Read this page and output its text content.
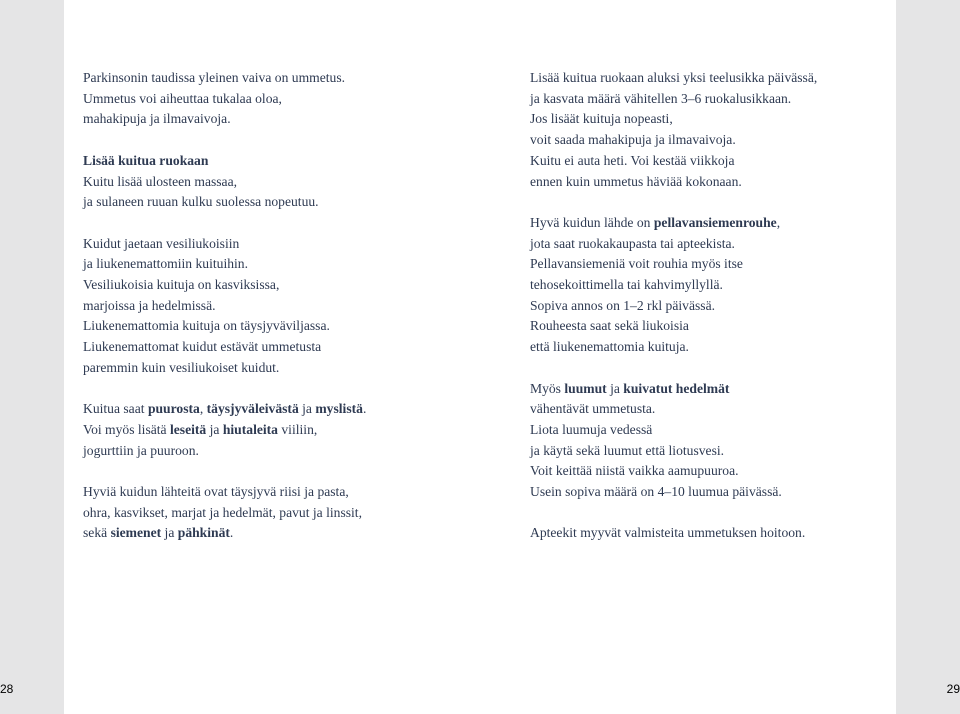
Parkinsonin taudissa yleinen vaiva on ummetus.
Ummetus voi aiheuttaa tukalaa oloa,
mahakipuja ja ilmavaivoja.
Lisää kuitua ruokaan
Kuitu lisää ulosteen massaa,
ja sulaneen ruuan kulku suolessa nopeutuu.
Kuidut jaetaan vesiliukoisiin
ja liukenemattomiin kuituihin.
Vesiliukoisia kuituja on kasviksissa,
marjoissa ja hedelmissä.
Liukenemattomia kuituja on täysjyväviljassa.
Liukenemattomat kuidut estävät ummetusta
paremmin kuin vesiliukoiset kuidut.
Kuitua saat puurosta, täysjyväleivästä ja myslistä.
Voi myös lisätä leseitä ja hiutaleita viiliin,
jogurttiin ja puuroon.
Hyviä kuidun lähteitä ovat täysjyvä riisi ja pasta,
ohra, kasvikset, marjat ja hedelmät, pavut ja linssit,
sekä siemenet ja pähkinät.
Lisää kuitua ruokaan aluksi yksi teelusikka päivässä,
ja kasvata määrä vähitellen 3–6 ruokalusikkaan.
Jos lisäät kuituja nopeasti,
voit saada mahakipuja ja ilmavaivoja.
Kuitu ei auta heti. Voi kestää viikkoja
ennen kuin ummetus häviää kokonaan.
Hyvä kuidun lähde on pellavansiemenrouhe,
jota saat ruokakaupasta tai apteekista.
Pellavansiemeniä voit rouhia myös itse
tehosekoittimella tai kahvimyllyllä.
Sopiva annos on 1–2 rkl päivässä.
Rouheesta saat sekä liukoisia
että liukenemattomia kuituja.
Myös luumut ja kuivatut hedelmät
vähentävät ummetusta.
Liota luumuja vedessä
ja käytä sekä luumut että liotusvesi.
Voit keittää niistä vaikka aamupuuroa.
Usein sopiva määrä on 4–10 luumua päivässä.
Apteekit myyvät valmisteita ummetuksen hoitoon.
28	29
